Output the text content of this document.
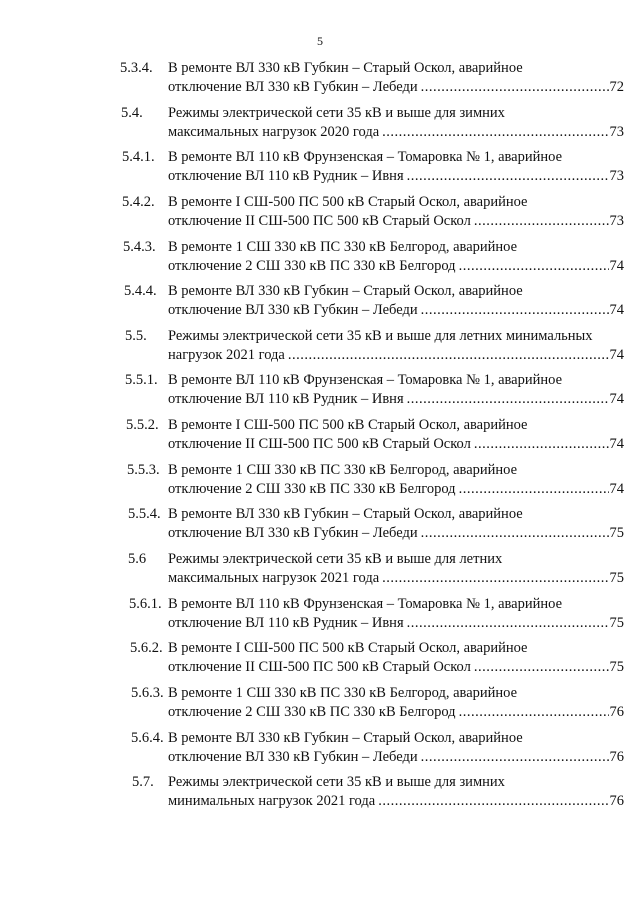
5
5.3.4. В ремонте ВЛ 330 кВ Губкин – Старый Оскол, аварийное
отключение ВЛ 330 кВ Губкин – Лебеди .....	72
5.4. Режимы электрической сети 35 кВ и выше для зимних
максимальных нагрузок 2020 года .....	73
5.4.1. В ремонте ВЛ 110 кВ Фрунзенская – Томаровка № 1, аварийное
отключение ВЛ 110 кВ Рудник – Ивня .....	73
5.4.2. В ремонте I СШ-500 ПС 500 кВ Старый Оскол, аварийное
отключение II СШ-500 ПС 500 кВ Старый Оскол .....	73
5.4.3. В ремонте 1 СШ 330 кВ ПС 330 кВ Белгород, аварийное
отключение 2 СШ 330 кВ ПС 330 кВ Белгород .....	74
5.4.4. В ремонте ВЛ 330 кВ Губкин – Старый Оскол, аварийное
отключение ВЛ 330 кВ Губкин – Лебеди .....	74
5.5. Режимы электрической сети 35 кВ и выше для летних минимальных
нагрузок 2021 года .....	74
5.5.1. В ремонте ВЛ 110 кВ Фрунзенская – Томаровка № 1, аварийное
отключение ВЛ 110 кВ Рудник – Ивня .....	74
5.5.2. В ремонте I СШ-500 ПС 500 кВ Старый Оскол, аварийное
отключение II СШ-500 ПС 500 кВ Старый Оскол .....	74
5.5.3. В ремонте 1 СШ 330 кВ ПС 330 кВ Белгород, аварийное
отключение 2 СШ 330 кВ ПС 330 кВ Белгород .....	74
5.5.4. В ремонте ВЛ 330 кВ Губкин – Старый Оскол, аварийное
отключение ВЛ 330 кВ Губкин – Лебеди .....	75
5.6 Режимы электрической сети 35 кВ и выше для летних
максимальных нагрузок 2021 года .....	75
5.6.1. В ремонте ВЛ 110 кВ Фрунзенская – Томаровка № 1, аварийное
отключение ВЛ 110 кВ Рудник – Ивня .....	75
5.6.2. В ремонте I СШ-500 ПС 500 кВ Старый Оскол, аварийное
отключение II СШ-500 ПС 500 кВ Старый Оскол .....	75
5.6.3. В ремонте 1 СШ 330 кВ ПС 330 кВ Белгород, аварийное
отключение 2 СШ 330 кВ ПС 330 кВ Белгород .....	76
5.6.4. В ремонте ВЛ 330 кВ Губкин – Старый Оскол, аварийное
отключение ВЛ 330 кВ Губкин – Лебеди .....	76
5.7. Режимы электрической сети 35 кВ и выше для зимних
минимальных нагрузок 2021 года .....	76
